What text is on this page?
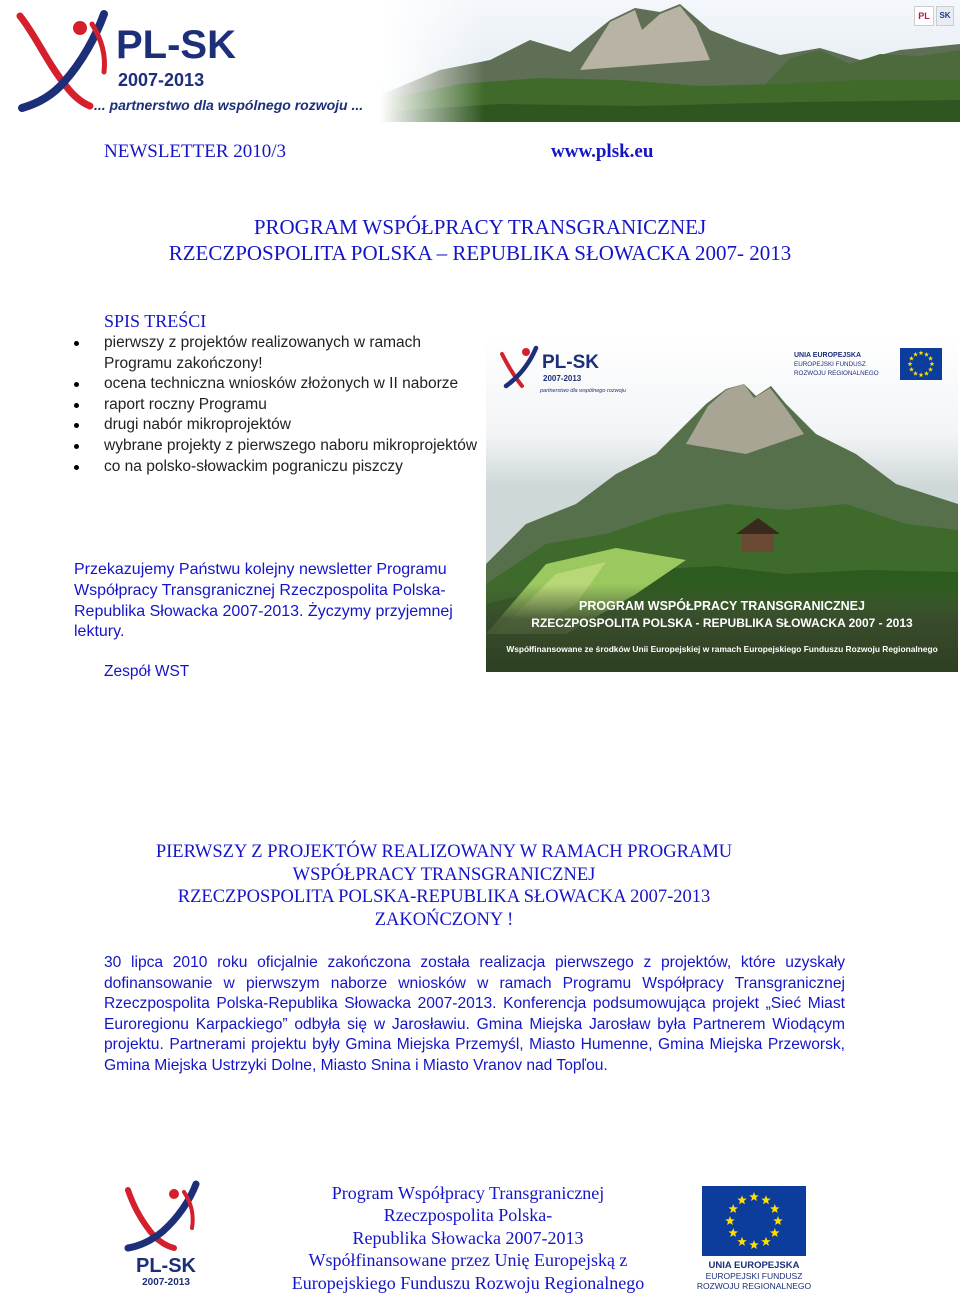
PL-SK
2007-2013
... partnerstwo dla wspólnego rozwoju ...
PL	SK
NEWSLETTER 2010/3	www.plsk.eu
PROGRAM WSPÓŁPRACY TRANSGRANICZNEJ
RZECZPOSPOLITA POLSKA – REPUBLIKA SŁOWACKA 2007- 2013
SPIS TREŚCI
pierwszy z projektów realizowanych w ramach Programu zakończony!
ocena techniczna wniosków złożonych w II naborze
raport roczny Programu
drugi nabór mikroprojektów
wybrane projekty z pierwszego naboru mikroprojektów
co na polsko-słowackim pograniczu piszczy
Przekazujemy Państwu kolejny newsletter Programu Współpracy Transgranicznej Rzeczpospolita Polska-Republika Słowacka 2007-2013. Życzymy przyjemnej lektury.
Zespół WST
PROGRAM WSPÓŁPRACY TRANSGRANICZNEJ
RZECZPOSPOLITA POLSKA - REPUBLIKA SŁOWACKA 2007 - 2013
Współfinansowane ze środków Unii Europejskiej w ramach Europejskiego Funduszu Rozwoju Regionalnego
PL-SK
2007-2013
partnerstwo dla wspólnego rozwoju
UNIA EUROPEJSKA
EUROPEJSKI FUNDUSZ
ROZWOJU REGIONALNEGO
PIERWSZY Z PROJEKTÓW REALIZOWANY W RAMACH PROGRAMU
WSPÓŁPRACY TRANSGRANICZNEJ
RZECZPOSPOLITA POLSKA-REPUBLIKA SŁOWACKA 2007-2013
ZAKOŃCZONY !
30 lipca 2010 roku oficjalnie zakończona została realizacja pierwszego z projektów, które uzyskały dofinansowanie w pierwszym naborze wniosków w ramach Programu Współpracy Transgranicznej Rzeczpospolita Polska-Republika Słowacka 2007-2013. Konferencja podsumowująca projekt „Sieć Miast Euroregionu Karpackiego” odbyła się w Jarosławiu. Gmina Miejska Jarosław była Partnerem Wiodącym projektu. Partnerami projektu były Gmina Miejska Przemyśl, Miasto Humenne, Gmina Miejska Przeworsk, Gmina Miejska Ustrzyki Dolne, Miasto Snina i Miasto Vranov nad Topľou.
PL-SK
2007-2013
Program Współpracy Transgranicznej
Rzeczpospolita Polska-
Republika Słowacka 2007-2013
Współfinansowane przez Unię Europejską z
Europejskiego Funduszu Rozwoju Regionalnego
UNIA EUROPEJSKA
EUROPEJSKI FUNDUSZ
ROZWOJU REGIONALNEGO
